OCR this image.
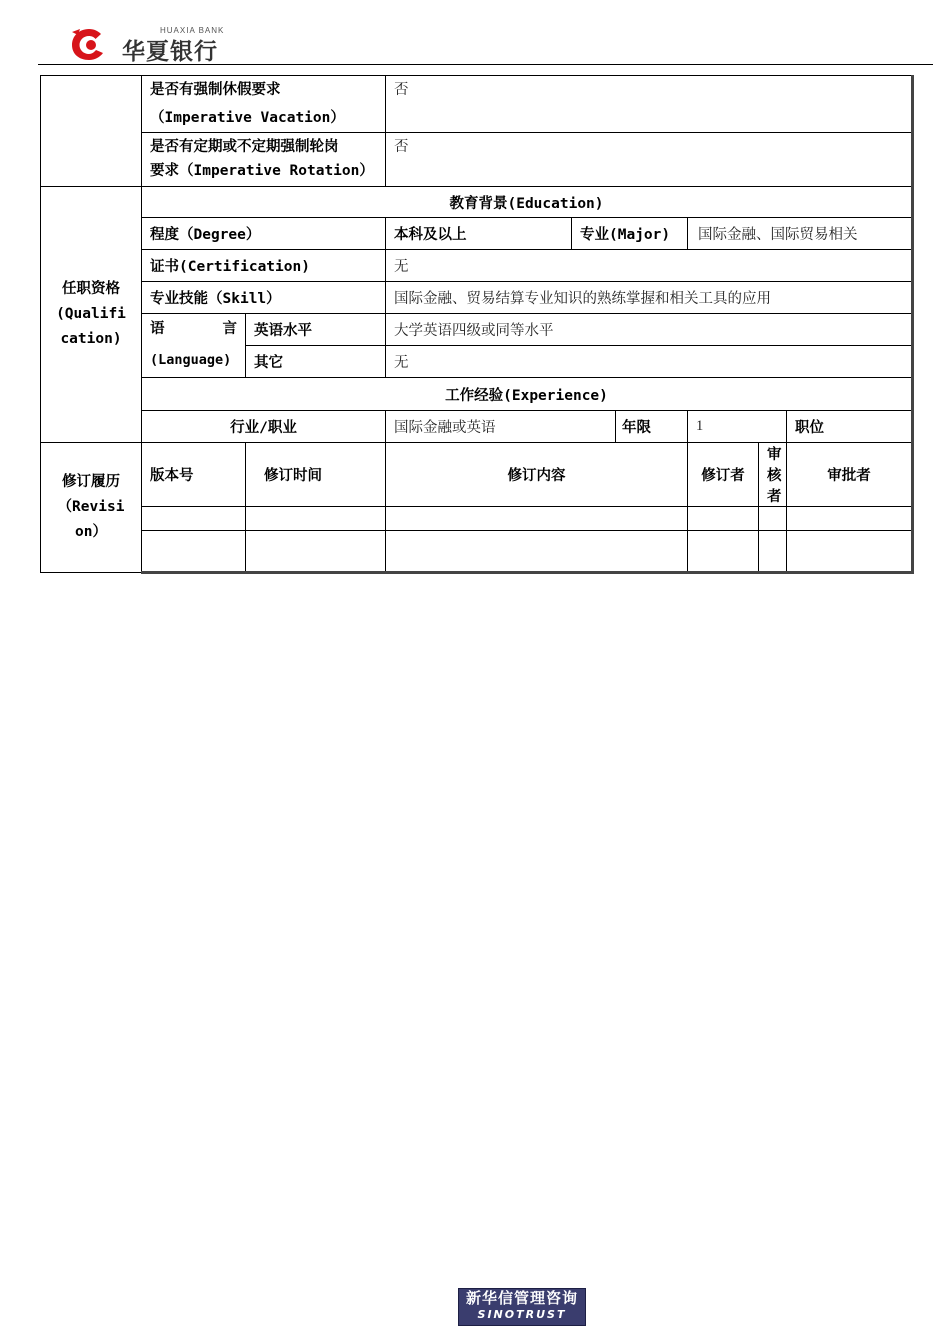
HUAXIA BANK
华夏银行

	是否有强制休假要求
（Imperative Vacation）		否						

	是否有定期或不定期强制轮岗
要求（Imperative Rotation）		否						

任职资格
(Qualifi
cation)	教育背景(Education)								
	程度（Degree）		本科及以上	专业(Major)		国际金融、国际贸易相关			
	证书(Certification)		无						
	专业技能（Skill）		国际金融、贸易结算专业知识的熟练掌握和相关工具的应用						

	语 言
(Language)	英语水平	大学英语四级或同等水平						
		其它	无						
	工作经验(Experience)								
	行业/职业		国际金融或英语		年限	1		职位	

修订履历
（Revisi
on）	版本号	修订时间	修订内容			修订者	审核者	审批者	

新华信管理咨询
SINOTRUST
